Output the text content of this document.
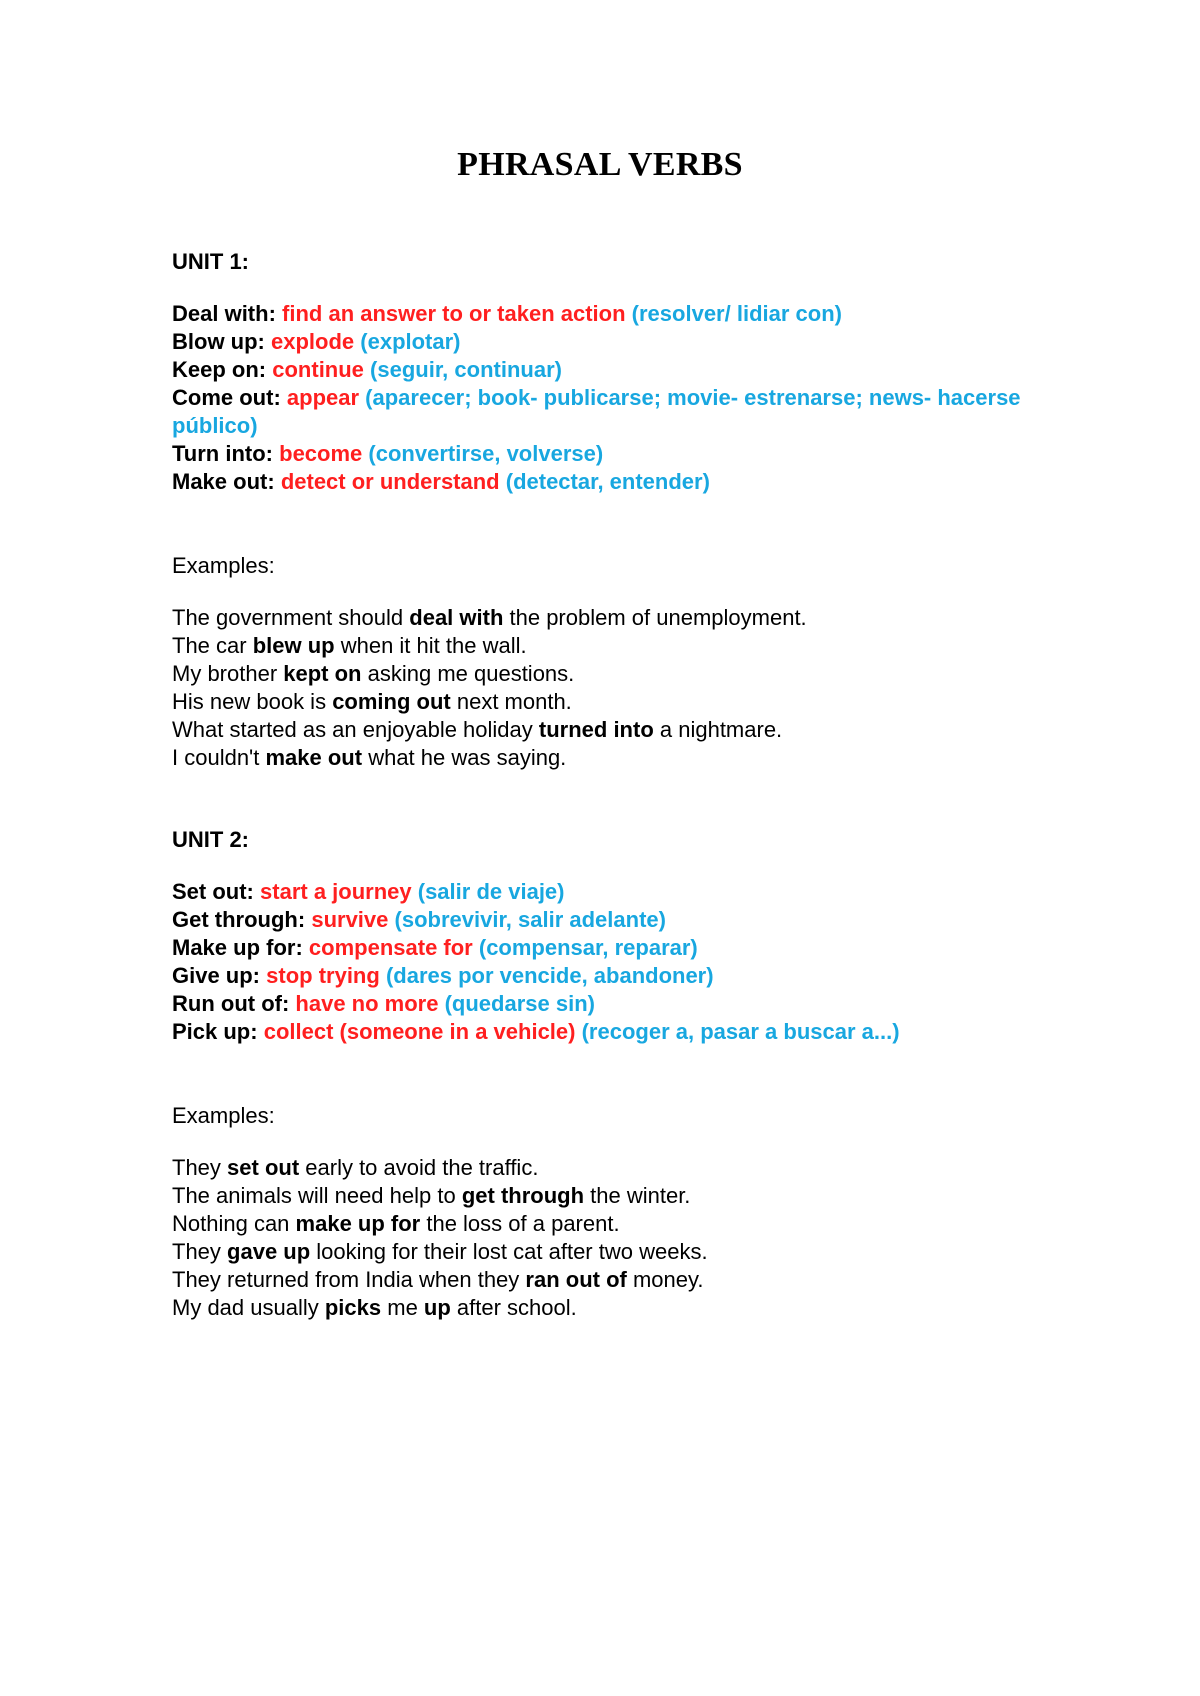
PHRASAL VERBS

UNIT 1:

Deal with: find an answer to or taken action (resolver/ lidiar con)

Blow up: explode (explotar)

Keep on: continue (seguir, continuar)

Come out: appear (aparecer; book- publicarse; movie- estrenarse; news- hacerse público)

Turn into: become (convertirse, volverse)

Make out: detect or understand (detectar, entender)

Examples:

The government should deal with the problem of unemployment.

The car blew up when it hit the wall.

My brother kept on asking me questions.

His new book is coming out next month.

What started as an enjoyable holiday turned into a nightmare.

I couldn't make out what he was saying.

UNIT 2:

Set out: start a journey (salir de viaje)

Get through: survive (sobrevivir, salir adelante)

Make up for: compensate for (compensar, reparar)

Give up: stop trying (dares por vencide, abandoner)

Run out of: have no more (quedarse sin)

Pick up: collect (someone in a vehicle) (recoger a, pasar a buscar a...)

Examples:

They set out early to avoid the traffic.

The animals will need help to get through the winter.

Nothing can make up for the loss of a parent.

They gave up looking for their lost cat after two weeks.

They returned from India when they ran out of money.

My dad usually picks me up after school.
